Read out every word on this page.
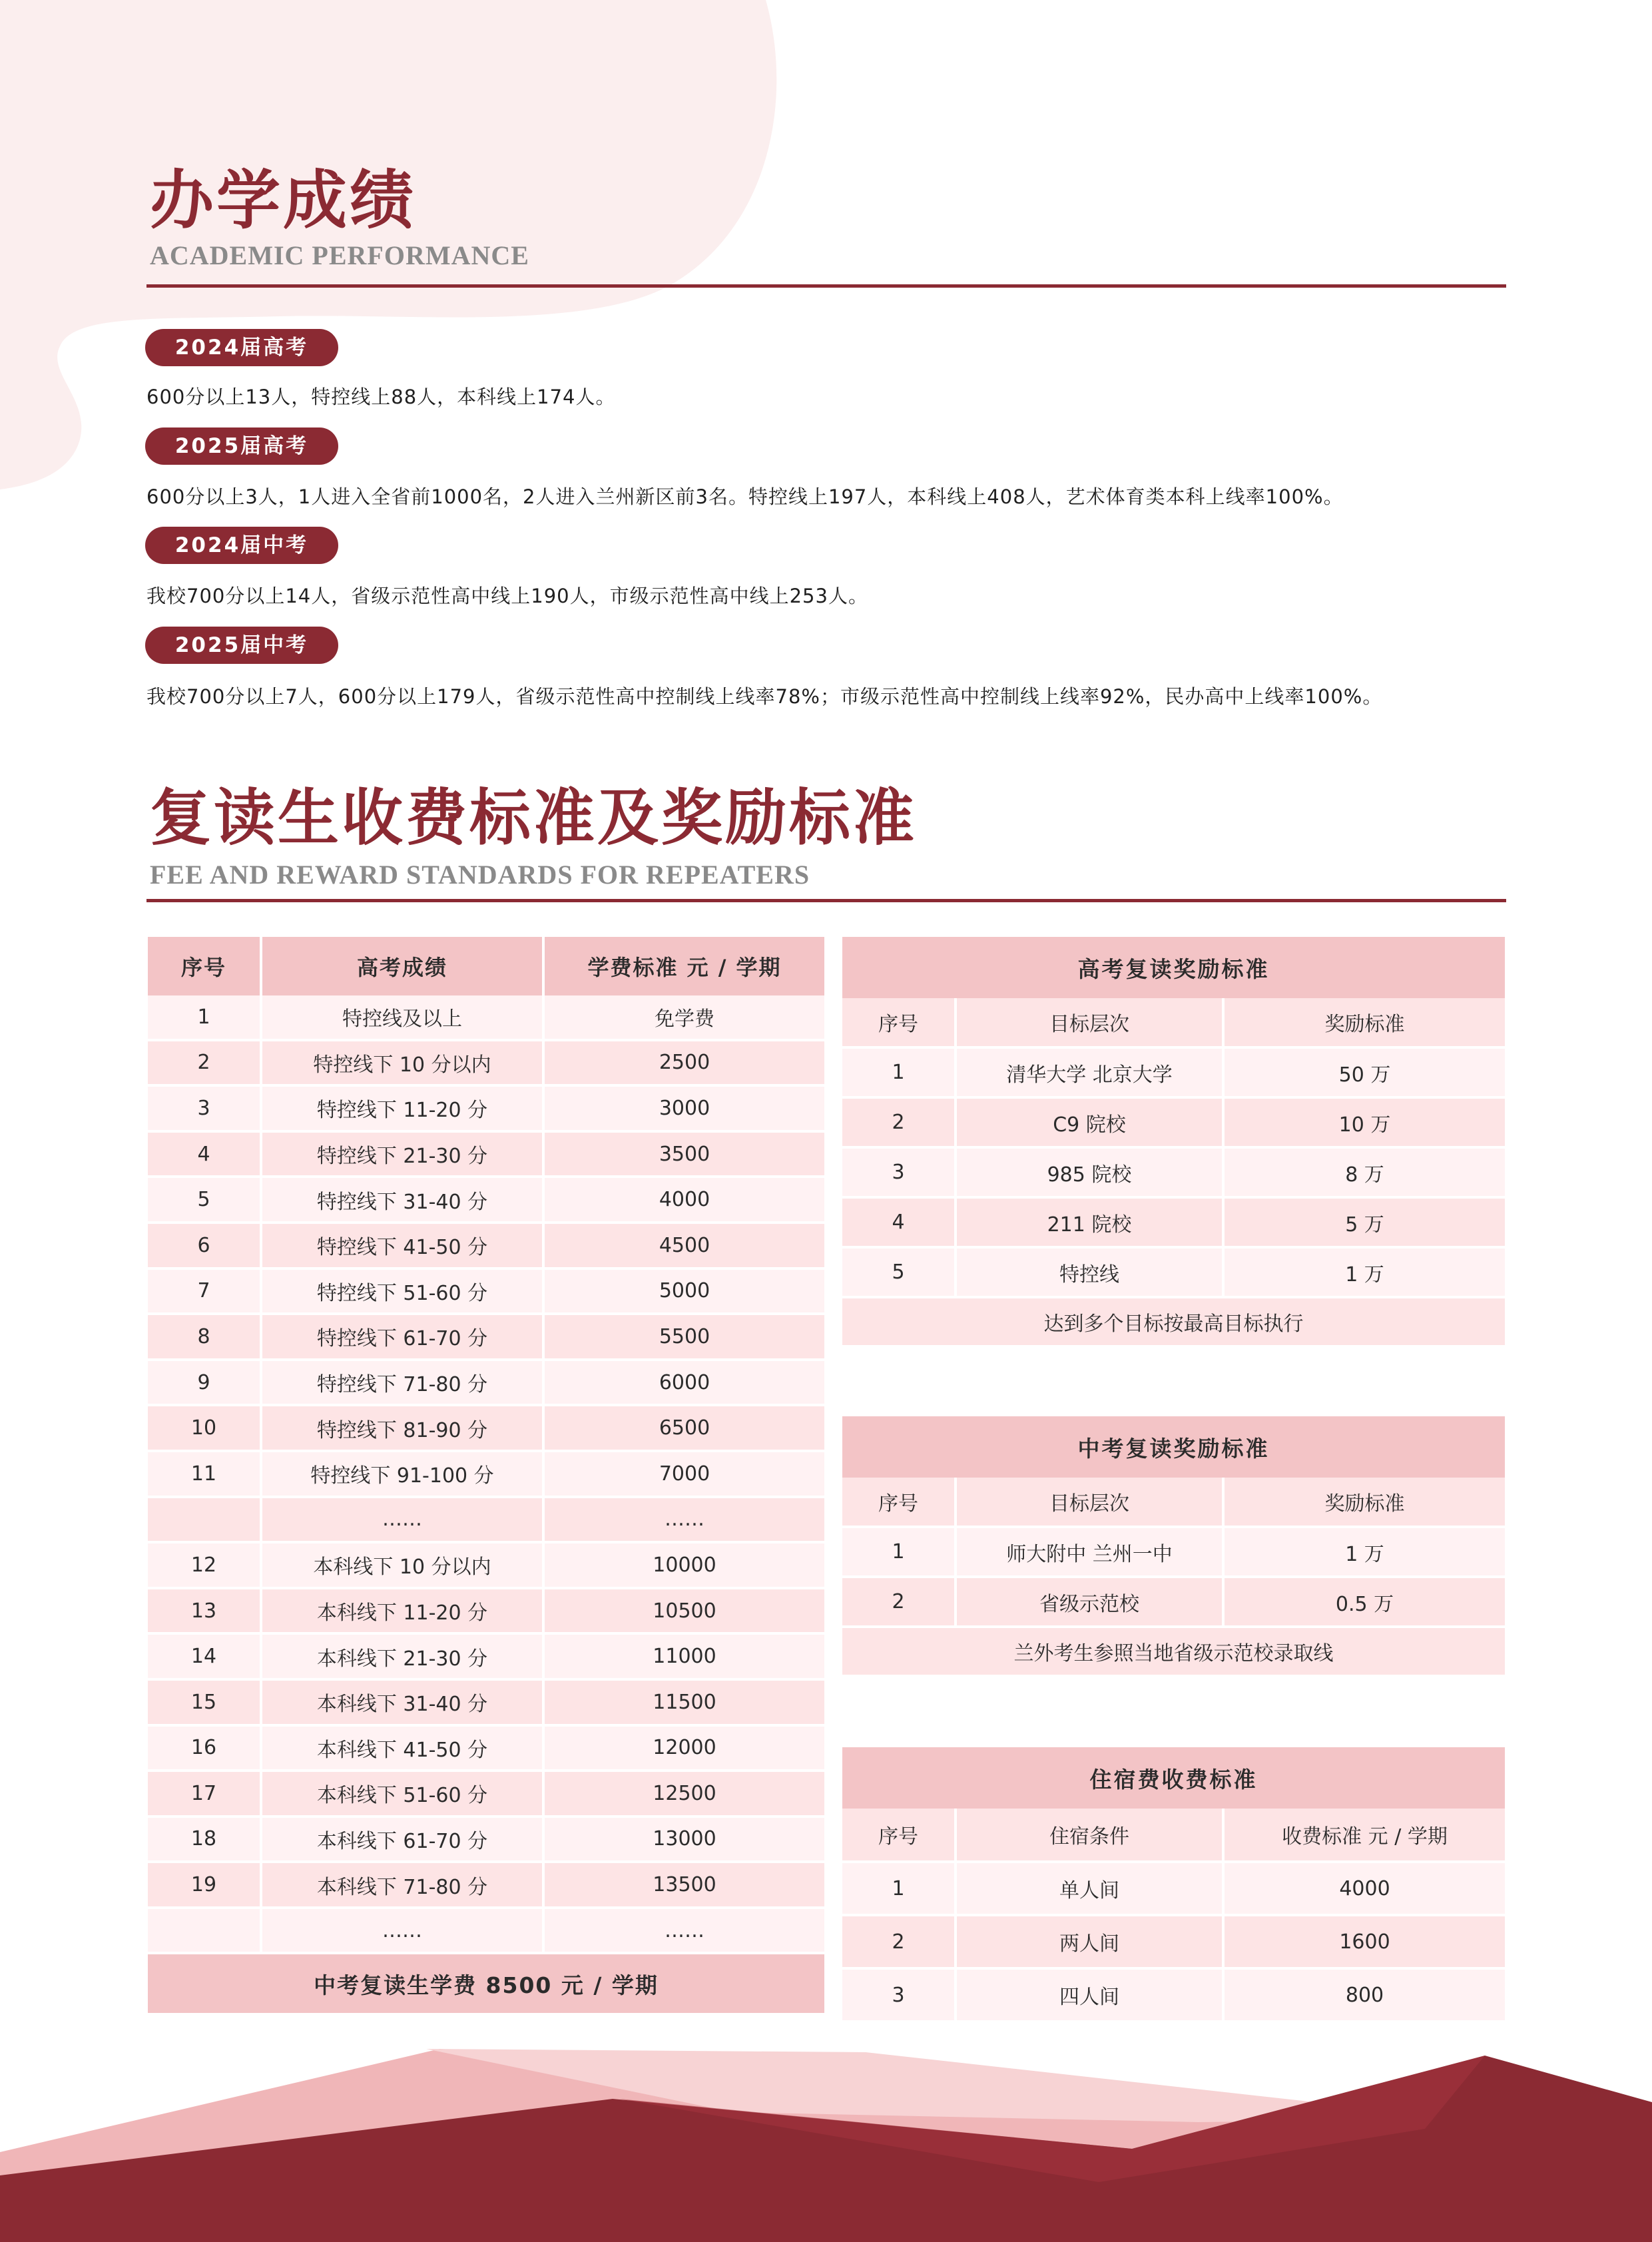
办学成绩
ACADEMIC PERFORMANCE
2024届高考
600分以上13人，特控线上88人，本科线上174人。
2025届高考
600分以上3人，1人进入全省前1000名，2人进入兰州新区前3名。特控线上197人，本科线上408人，艺术体育类本科上线率100%。
2024届中考
我校700分以上14人，省级示范性高中线上190人，市级示范性高中线上253人。
2025届中考
我校700分以上7人，600分以上179人，省级示范性高中控制线上线率78%；市级示范性高中控制线上线率92%，民办高中上线率100%。
复读生收费标准及奖励标准
FEE AND REWARD STANDARDS FOR REPEATERS
序号	高考成绩	学费标准 元 / 学期
1	特控线及以上	免学费
2	特控线下 10 分以内	2500
3	特控线下 11-20 分	3000
4	特控线下 21-30 分	3500
5	特控线下 31-40 分	4000
6	特控线下 41-50 分	4500
7	特控线下 51-60 分	5000
8	特控线下 61-70 分	5500
9	特控线下 71-80 分	6000
10	特控线下 81-90 分	6500
11	特控线下 91-100 分	7000
	……	……
12	本科线下 10 分以内	10000
13	本科线下 11-20 分	10500
14	本科线下 21-30 分	11000
15	本科线下 31-40 分	11500
16	本科线下 41-50 分	12000
17	本科线下 51-60 分	12500
18	本科线下 61-70 分	13000
19	本科线下 71-80 分	13500
	……	……
中考复读生学费 8500 元 / 学期		
高考复读奖励标准		
序号	目标层次	奖励标准
1	清华大学 北京大学	50 万
2	C9 院校	10 万
3	985 院校	8 万
4	211 院校	5 万
5	特控线	1 万
达到多个目标按最高目标执行		
中考复读奖励标准		
序号	目标层次	奖励标准
1	师大附中 兰州一中	1 万
2	省级示范校	0.5 万
兰外考生参照当地省级示范校录取线		
住宿费收费标准		
序号	住宿条件	收费标准 元 / 学期
1	单人间	4000
2	两人间	1600
3	四人间	800
